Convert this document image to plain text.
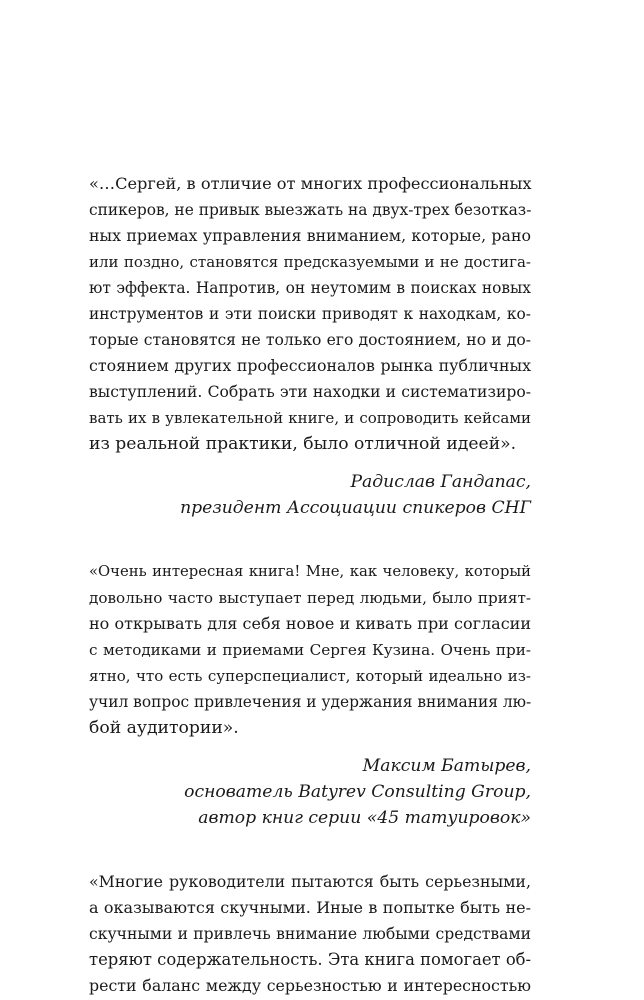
«…Сергей, в отличие от многих профессиональных
спикеров, не привык выезжать на двух-трех безотказ-
ных приемах управления вниманием, которые, рано
или поздно, становятся предсказуемыми и не достига-
ют эффекта. Напротив, он неутомим в поисках новых
инструментов и эти поиски приводят к находкам, ко-
торые становятся не только его достоянием, но и до-
стоянием других профессионалов рынка публичных
выступлений. Собрать эти находки и систематизиро-
вать их в увлекательной книге, и сопроводить кейсами
из реальной практики, было отличной идеей».
Радислав Гандапас,
президент Ассоциации спикеров СНГ
«Очень интересная книга! Мне, как человеку, который
довольно часто выступает перед людьми, было прият-
но открывать для себя новое и кивать при согласии
с методиками и приемами Сергея Кузина. Очень при-
ятно, что есть суперспециалист, который идеально из-
учил вопрос привлечения и удержания внимания лю-
бой аудитории».
Максим Батырев,
основатель Batyrev Consulting Group,
автор книг серии «45 татуировок»
«Многие руководители пытаются быть серьезными,
а оказываются скучными. Иные в попытке быть не-
скучными и привлечь внимание любыми средствами
теряют содержательность. Эта книга помогает об-
рести баланс между серьезностью и интересностью
